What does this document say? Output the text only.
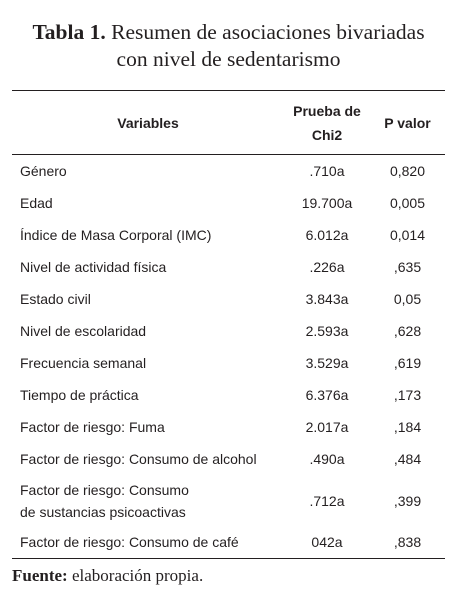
Tabla 1. Resumen de asociaciones bivariadas
con nivel de sedentarismo
Variables	Prueba de Chi2	P valor
Género	.710a	0,820
Edad	19.700a	0,005
Índice de Masa Corporal (IMC)	6.012a	0,014
Nivel de actividad física	.226a	,635
Estado civil	3.843a	0,05
Nivel de escolaridad	2.593a	,628
Frecuencia semanal	3.529a	,619
Tiempo de práctica	6.376a	,173
Factor de riesgo: Fuma	2.017a	,184
Factor de riesgo: Consumo de alcohol	.490a	,484
Factor de riesgo: Consumo
de sustancias psicoactivas	.712a	,399
Factor de riesgo: Consumo de café	042a	,838
Fuente: elaboración propia.
